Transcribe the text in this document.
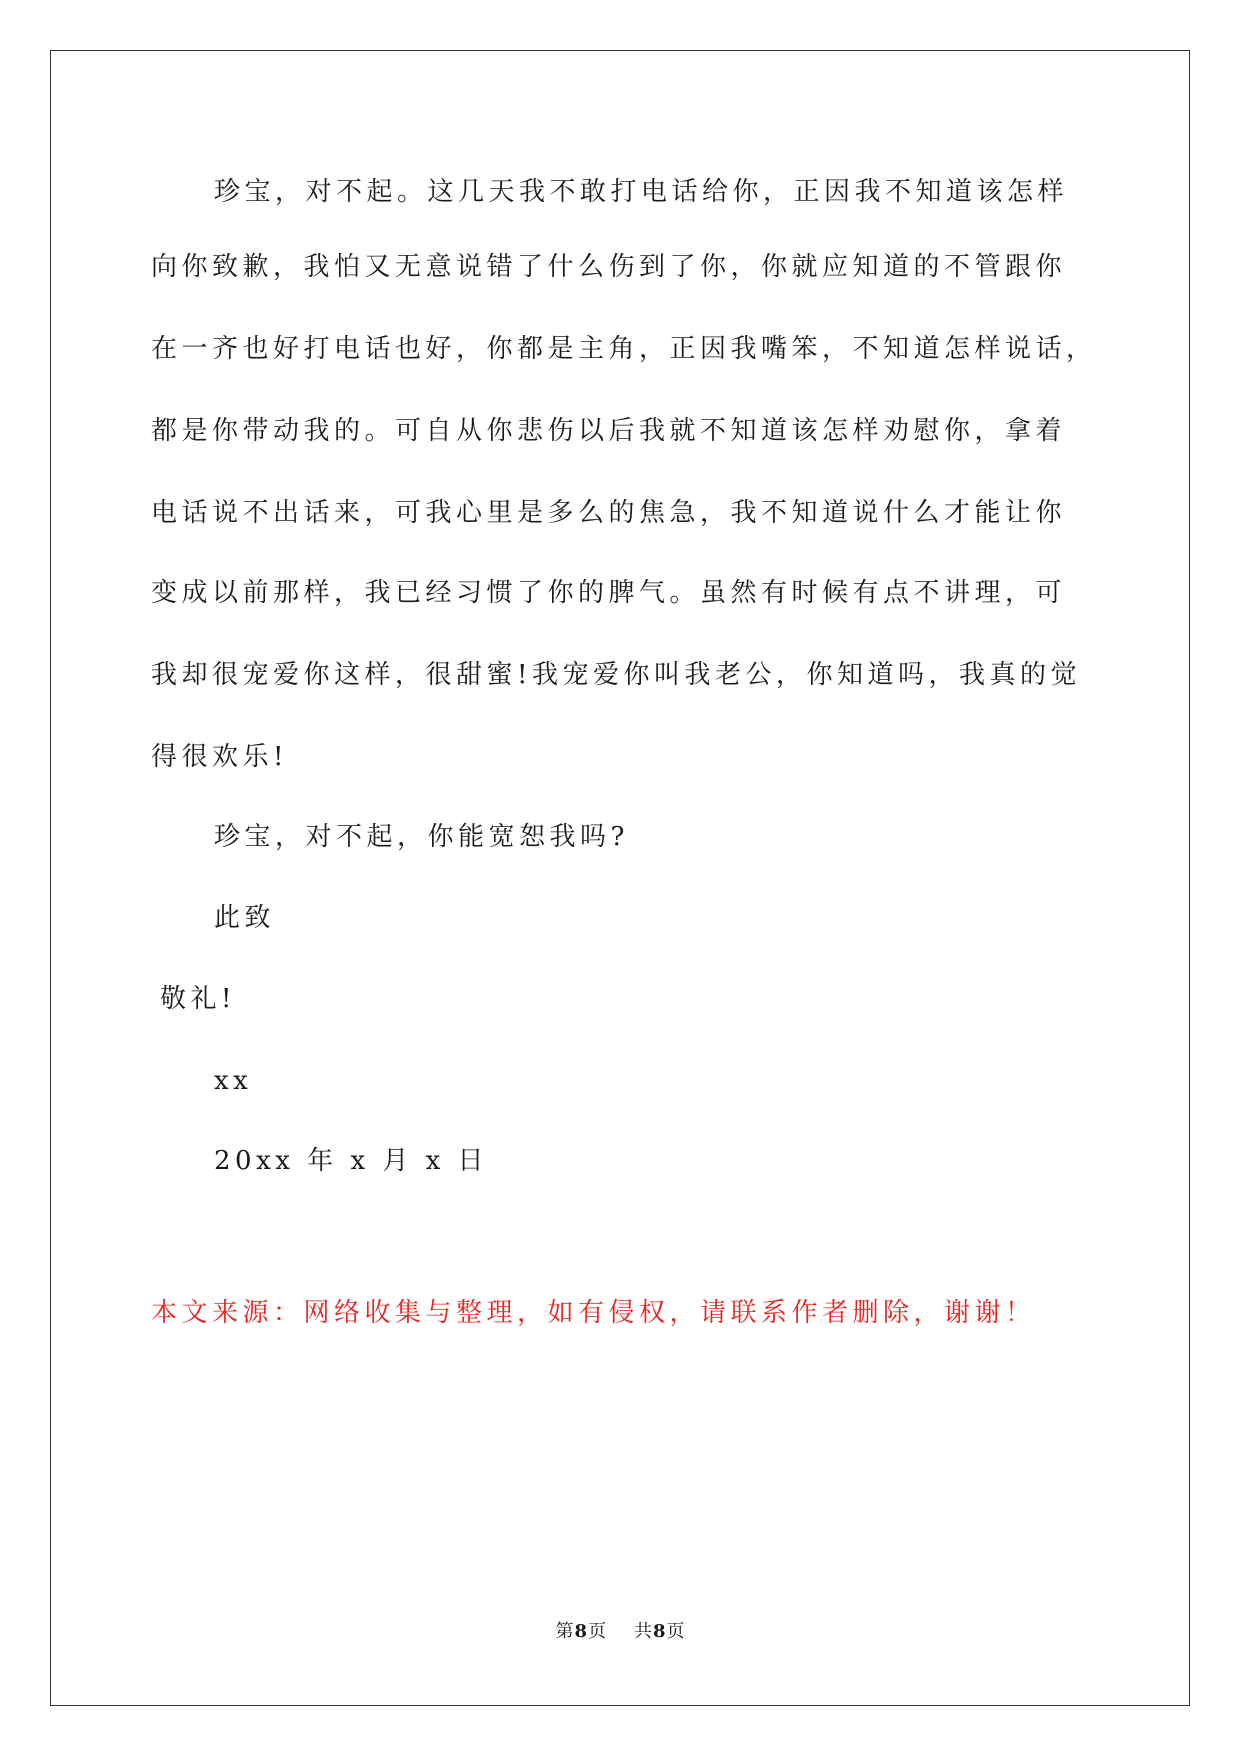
珍宝，对不起。这几天我不敢打电话给你，正因我不知道该怎样
向你致歉，我怕又无意说错了什么伤到了你，你就应知道的不管跟你
在一齐也好打电话也好，你都是主角，正因我嘴笨，不知道怎样说话，
都是你带动我的。可自从你悲伤以后我就不知道该怎样劝慰你，拿着
电话说不出话来，可我心里是多么的焦急，我不知道说什么才能让你
变成以前那样，我已经习惯了你的脾气。虽然有时候有点不讲理，可
我却很宠爱你这样，很甜蜜!我宠爱你叫我老公，你知道吗，我真的觉
得很欢乐!
珍宝，对不起，你能宽恕我吗?
此致
敬礼!
xx
20xx 年 x 月 x 日
本文来源：网络收集与整理，如有侵权，请联系作者删除，谢谢！
第8页 共8页
